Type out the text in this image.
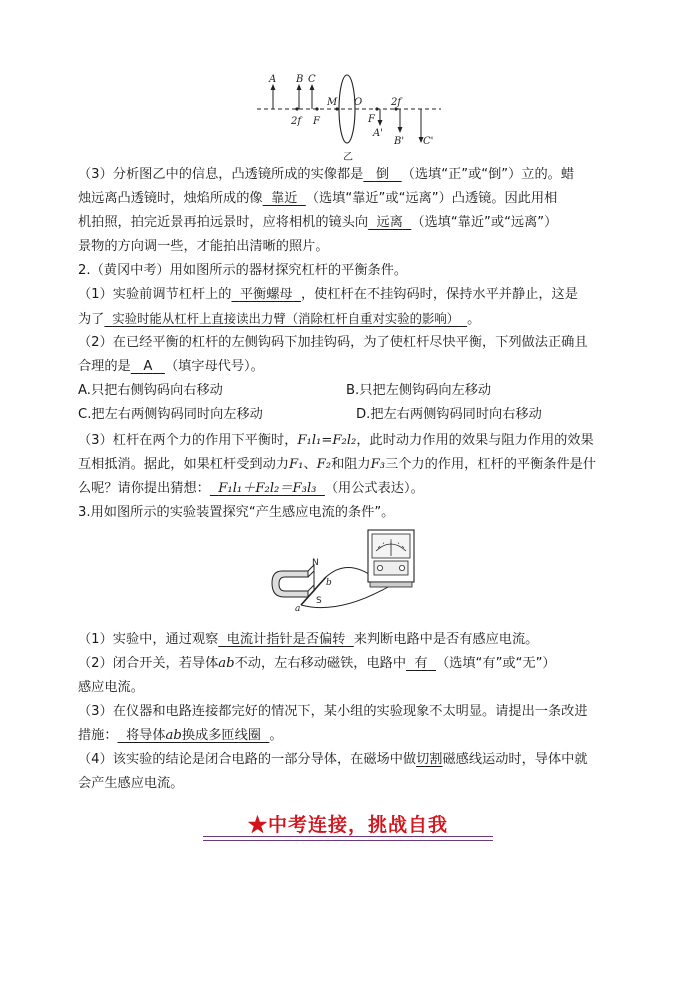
A B C
2f F
M O
F
2f
A'
B' C'
乙
（3）分析图乙中的信息，凸透镜所成的实像都是 倒 （选填“正”或“倒”）立的。蜡
烛远离凸透镜时，烛焰所成的像 靠近 （选填“靠近”或“远离”）凸透镜。因此用相
机拍照，拍完近景再拍远景时，应将相机的镜头向 远离 （选填“靠近”或“远离”）
景物的方向调一些，才能拍出清晰的照片。
2.（黄冈中考）用如图所示的器材探究杠杆的平衡条件。
（1）实验前调节杠杆上的 平衡螺母 ，使杠杆在不挂钩码时，保持水平并静止，这是
为了 实验时能从杠杆上直接读出力臂（消除杠杆自重对实验的影响） 。
（2）在已经平衡的杠杆的左侧钩码下加挂钩码，为了使杠杆尽快平衡，下列做法正确且
合理的是 A （填字母代号）。
A.只把右侧钩码向右移动	B.只把左侧钩码向左移动
C.把左右两侧钩码同时向左移动	D.把左右两侧钩码同时向右移动
（3）杠杆在两个力的作用下平衡时，F₁l₁=F₂l₂，此时动力作用的效果与阻力作用的效果
互相抵消。据此，如果杠杆受到动力F₁、F₂和阻力F₃三个力的作用，杠杆的平衡条件是什
么呢？请你提出猜想： F₁l₁＋F₂l₂＝F₃l₃ （用公式表达）。
3.用如图所示的实验装置探究“产生感应电流的条件”。
N
S
a
b
（1）实验中，通过观察 电流计指针是否偏转 来判断电路中是否有感应电流。
（2）闭合开关，若导体ab不动，左右移动磁铁，电路中 有 （选填“有”或“无”）
感应电流。
（3）在仪器和电路连接都完好的情况下，某小组的实验现象不太明显。请提出一条改进
措施： 将导体ab换成多匝线圈 。
（4）该实验的结论是闭合电路的一部分导体，在磁场中做切割磁感线运动时，导体中就
会产生感应电流。
★中考连接，挑战自我
